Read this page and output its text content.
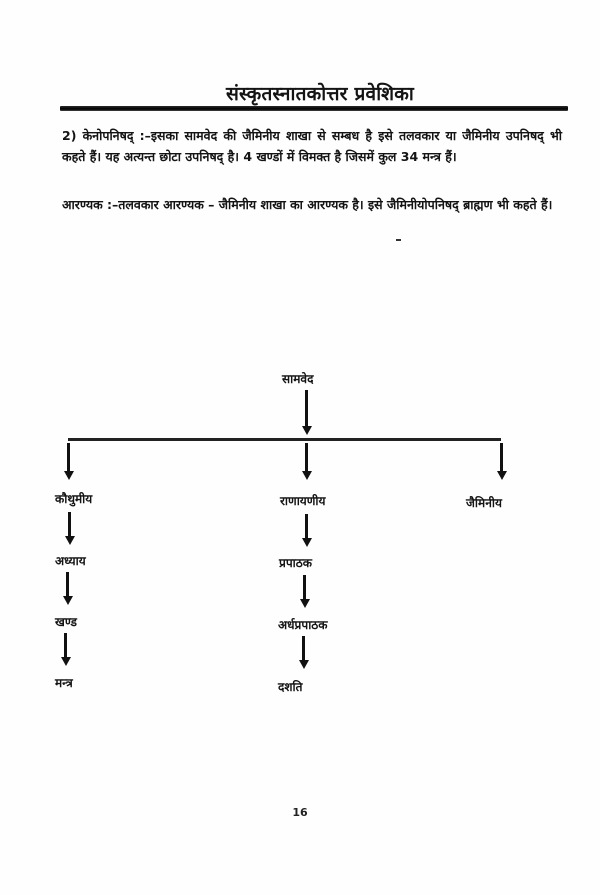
संस्कृतस्नातकोत्तर प्रवेशिका
2) केनोपनिषद् :–इसका सामवेद की जैमिनीय शाखा से सम्बध है इसे तलवकार या जैमिनीय उपनिषद् भी कहते हैं। यह अत्यन्त छोटा उपनिषद् है। 4 खण्डों में विमक्त है जिसमें कुल 34 मन्त्र हैं।
आरण्यक :–तलवकार आरण्यक – जैमिनीय शाखा का आरण्यक है। इसे जैमिनीयोपनिषद् ब्राह्मण भी कहते हैं।
सामवेद
कौथुमीय
अध्याय
खण्ड
मन्त्र
राणायणीय
प्रपाठक
अर्धप्रपाठक
दशति
जैमिनीय
16
